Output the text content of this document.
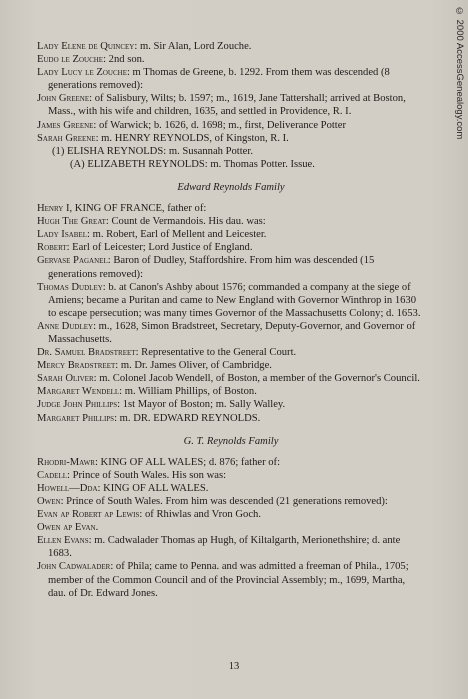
© 2000 AccessGenealogy.com

Lady Elene de Quincey: m. Sir Alan, Lord Zouche.

Eudo le Zouche: 2nd son.

Lady Lucy le Zouche: m Thomas de Greene, b. 1292. From them was descended (8 generations removed):

John Greene: of Salisbury, Wilts; b. 1597; m., 1619, Jane Tattershall; arrived at Boston, Mass., with his wife and children, 1635, and settled in Providence, R. I.

James Greene: of Warwick; b. 1626, d. 1698; m., first, Deliverance Potter

Sarah Greene: m. HENRY REYNOLDS, of Kingston, R. I.

(1) ELISHA REYNOLDS: m. Susannah Potter.

(A) ELIZABETH REYNOLDS: m. Thomas Potter. Issue.

Edward Reynolds Family

Henry I, KING OF FRANCE, father of:

Hugh The Great: Count de Vermandois. His dau. was:

Lady Isabel: m. Robert, Earl of Mellent and Leicester.

Robert: Earl of Leicester; Lord Justice of England.

Gervase Paganel: Baron of Dudley, Staffordshire. From him was descended (15 generations removed):

Thomas Dudley: b. at Canon's Ashby about 1576; commanded a company at the siege of Amiens; became a Puritan and came to New England with Governor Winthrop in 1630 to escape persecution; was many times Governor of the Massachusetts Colony; d. 1653.

Anne Dudley: m., 1628, Simon Bradstreet, Secretary, Deputy-Governor, and Governor of Massachusetts.

Dr. Samuel Bradstreet: Representative to the General Court.

Mercy Bradstreet: m. Dr. James Oliver, of Cambridge.

Sarah Oliver: m. Colonel Jacob Wendell, of Boston, a member of the Governor's Council.

Margaret Wendell: m. William Phillips, of Boston.

Judge John Phillips: 1st Mayor of Boston; m. Sally Walley.

Margaret Phillips: m. DR. EDWARD REYNOLDS.

G. T. Reynolds Family

Rhodri-Mawr: KING OF ALL WALES; d. 876; father of:

Cadell: Prince of South Wales. His son was:

Howell—Dda: KING OF ALL WALES.

Owen: Prince of South Wales. From him was descended (21 generations removed):

Evan ap Robert ap Lewis: of Rhiwlas and Vron Goch.

Owen ap Evan.

Ellen Evans: m. Cadwalader Thomas ap Hugh, of Kiltalgarth, Merionethshire; d. ante 1683.

John Cadwalader: of Phila; came to Penna. and was admitted a freeman of Phila., 1705; member of the Common Council and of the Provincial Assembly; m., 1699, Martha, dau. of Dr. Edward Jones.

13
